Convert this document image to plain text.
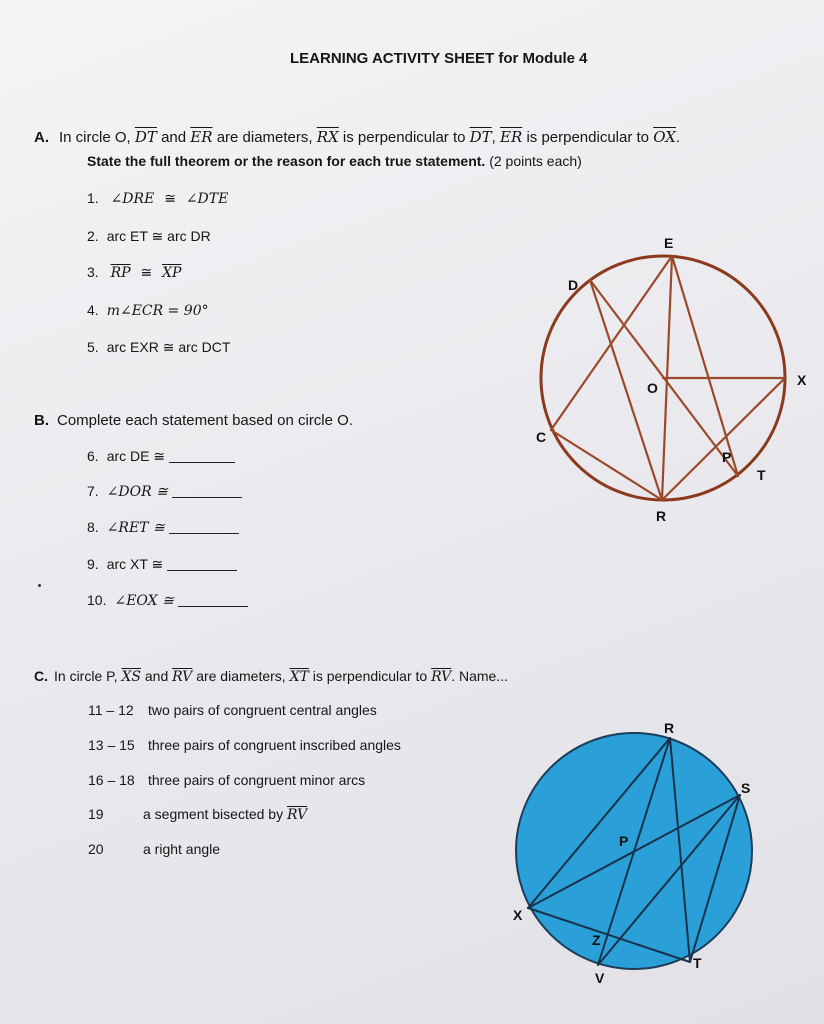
LEARNING ACTIVITY SHEET for Module 4
A. In circle O, $\overline{DT}$ and $\overline{ER}$ are diameters, $\overline{RX}$ is perpendicular to $\overline{DT}$, $\overline{ER}$ is perpendicular to $\overline{OX}$.
State the full theorem or the reason for each true statement. (2 points each)
1. ∠DRE ≅ ∠DTE
2. arc ET ≅ arc DR
3. $\overline{RP}$ ≅ $\overline{XP}$
4. m∠ECR = 90°
5. arc EXR ≅ arc DCT
B. Complete each statement based on circle O.
6. arc DE ≅
7. ∠DOR ≅
8. ∠RET ≅
9. arc XT ≅
10. ∠EOX ≅
C. In circle P, $\overline{XS}$ and $\overline{RV}$ are diameters, $\overline{XT}$ is perpendicular to $\overline{RV}$. Name...
11 – 12 two pairs of congruent central angles
13 – 15 three pairs of congruent inscribed angles
16 – 18 three pairs of congruent minor arcs
19	a segment bisected by $\overline{RV}$
20	a right angle
E
D
O	X
C
P
T
R
R
S
P
X
Z
T
V
